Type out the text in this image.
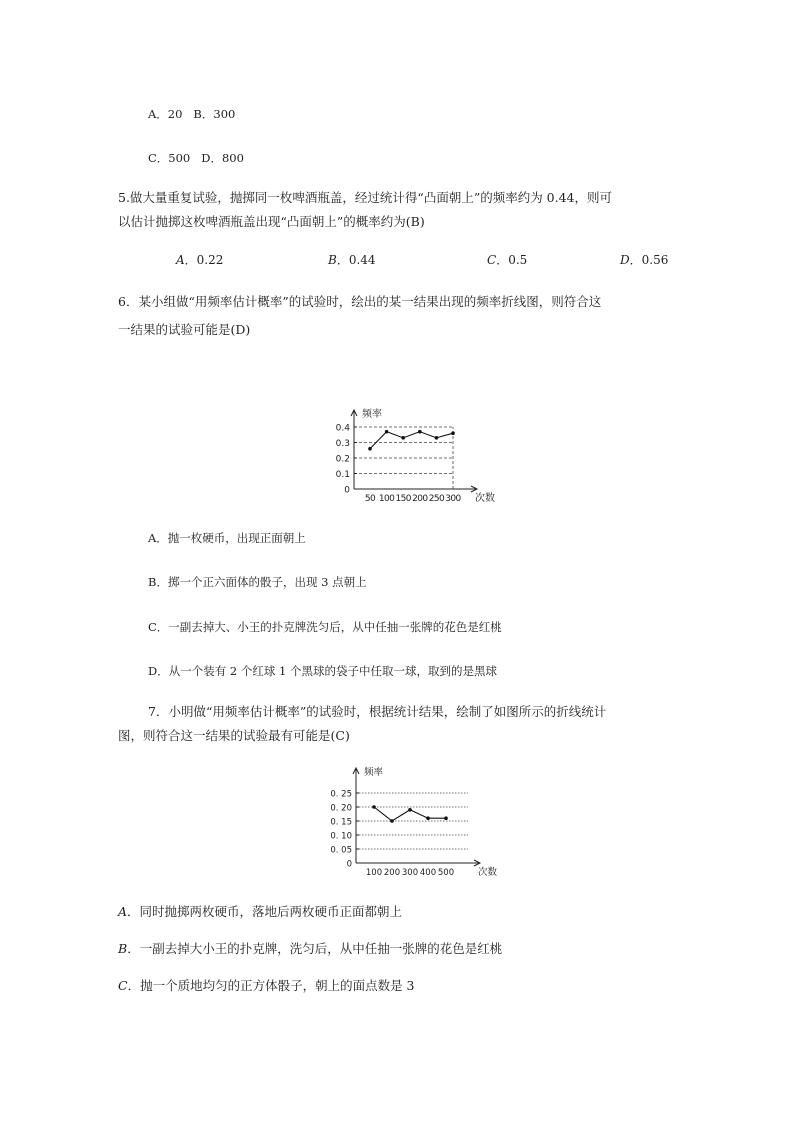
A．20 B．300
C．500 D．800
5.做大量重复试验，抛掷同一枚啤酒瓶盖，经过统计得“凸面朝上”的频率约为 0.44，则可
以估计抛掷这枚啤酒瓶盖出现“凸面朝上”的概率约为(B)
A．0.22	B．0.44	C．0.5	D．0.56
6．某小组做“用频率估计概率”的试验时，绘出的某一结果出现的频率折线图，则符合这
一结果的试验可能是(D)
0
0.1
0.2
0.3
0.4
50 100 150 200 250 300
频率
次数
A．抛一枚硬币，出现正面朝上
B．掷一个正六面体的骰子，出现 3 点朝上
C．一副去掉大、小王的扑克牌洗匀后，从中任抽一张牌的花色是红桃
D．从一个装有 2 个红球 1 个黑球的袋子中任取一球，取到的是黑球
7．小明做“用频率估计概率”的试验时，根据统计结果，绘制了如图所示的折线统计
图，则符合这一结果的试验最有可能是(C)
0
0. 05
0. 10
0. 15
0. 20
0. 25
100 200 300 400 500
频率
次数
A．同时抛掷两枚硬币，落地后两枚硬币正面都朝上
B．一副去掉大小王的扑克牌，洗匀后，从中任抽一张牌的花色是红桃
C．抛一个质地均匀的正方体骰子，朝上的面点数是 3
